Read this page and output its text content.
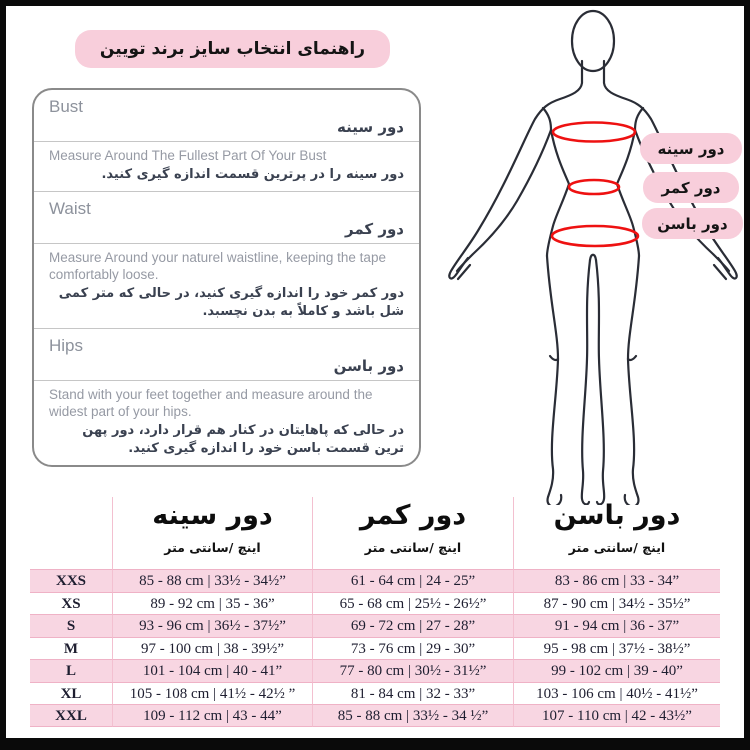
راهنمای انتخاب سایز برند تویین
Bust
دور سینه
Measure Around The Fullest Part Of Your Bust
دور سینه را در پرترین قسمت اندازه گیری کنید.
Waist
دور کمر
Measure Around your naturel waistline, keeping the tape comfortably loose.
دور کمر خود را اندازه گیری کنید، در حالی که متر کمی شل باشد و کاملاً به بدن نچسبد.
Hips
دور باسن
Stand with your feet together and measure around the widest part of your hips.
در حالی که پاهایتان در کنار هم قرار دارد، دور پهن ترین قسمت باسن خود را اندازه گیری کنید.
دور سینه
دور کمر
دور باسن
دور سینه
اینچ /سانتی متر
دور کمر
اینچ /سانتی متر
دور باسن
اینچ /سانتی متر
XXS	85 - 88 cm | 33½ - 34½”	61 - 64 cm | 24 - 25”	83 - 86 cm | 33 - 34”
XS	89 - 92 cm | 35 - 36”	65 - 68 cm | 25½ - 26½”	87 - 90 cm | 34½ - 35½”
S	93 - 96 cm | 36½ - 37½”	69 - 72 cm | 27 - 28”	91 - 94 cm | 36 - 37”
M	97 - 100 cm | 38 - 39½”	73 - 76 cm | 29 - 30”	95 - 98 cm | 37½ - 38½”
L	101 - 104 cm | 40 - 41”	77 - 80 cm | 30½ - 31½”	99 - 102 cm | 39 - 40”
XL	105 - 108 cm | 41½ - 42½ ”	81 - 84 cm | 32 - 33”	103 - 106 cm | 40½ - 41½”
XXL	109 - 112 cm | 43 - 44”	85 - 88 cm | 33½ - 34 ½”	107 - 110 cm | 42 - 43½”
